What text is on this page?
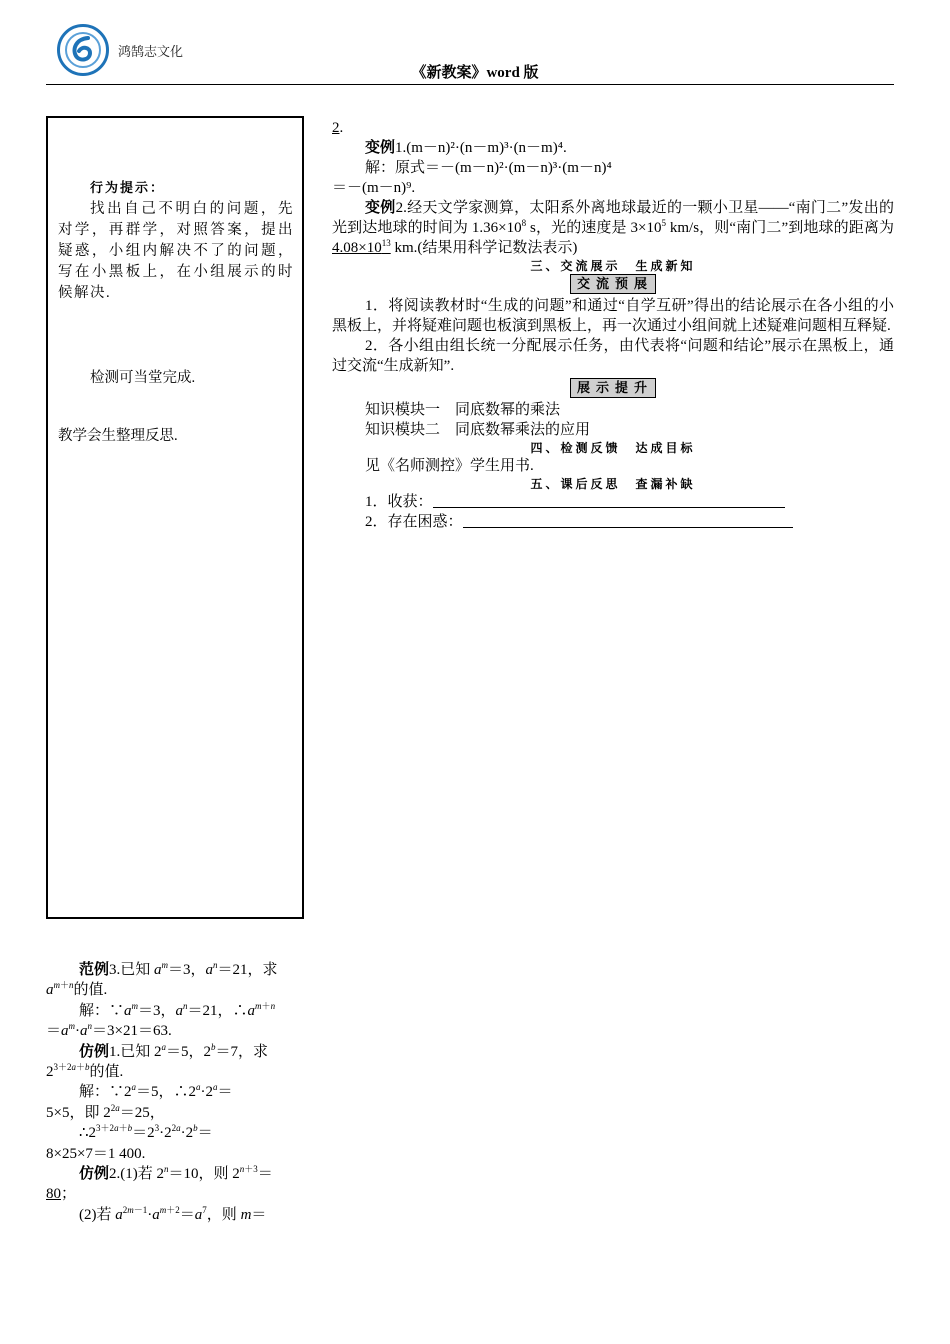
鸿鹄志文化
《新教案》word 版
行为提示：
找出自己不明白的问题，先对学，再群学，对照答案，提出疑惑，小组内解决不了的问题，写在小黑板上，在小组展示的时候解决.
检测可当堂完成.
教学会生整理反思.
2.
变例1.(m－n)²·(n－m)³·(n－m)⁴.
解：原式＝－(m－n)²·(m－n)³·(m－n)⁴
＝－(m－n)⁹.
变例2.经天文学家测算，太阳系外离地球最近的一颗小卫星——“南门二”发出的光到达地球的时间为 $1.36\times 10^8$ s，光的速度是 $3\times 10^5$ km/s，则“南门二”到地球的距离为$4.08\times 10^{13}$ km.(结果用科学记数法表示)
三、交流展示　生成新知
交流预展
1．将阅读教材时“生成的问题”和通过“自学互研”得出的结论展示在各小组的小黑板上，并将疑难问题也板演到黑板上，再一次通过小组间就上述疑难问题相互释疑.
2．各小组由组长统一分配展示任务，由代表将“问题和结论”展示在黑板上，通过交流“生成新知”.
展示提升
知识模块一　同底数幂的乘法
知识模块二　同底数幂乘法的应用
四、检测反馈　达成目标
见《名师测控》学生用书.
五、课后反思　查漏补缺
1．收获：
2．存在困惑：
范例3.已知 $a^m=3$，$a^n=21$，求
$a^{m+n}$的值.
解：$\because a^m=3$，$a^n=21$，$\therefore a^{m+n}$
$=a^m\cdot a^n=3\times 21=63$.
仿例1.已知 $2^a=5$，$2^b=7$，求
$2^{3+2a+b}$的值.
解：$\because 2^a=5$，$\therefore 2^a\cdot 2^a=$
5×5，即 $2^{2a}=25$，
$\therefore 2^{3+2a+b}=2^3\cdot 2^{2a}\cdot 2^b=$
8×25×7＝1 400.
仿例2.(1)若 $2^n=10$，则 $2^{n+3}=$
80；
(2)若 $a^{2m-1}\cdot a^{m+2}=a^7$，则 m＝
